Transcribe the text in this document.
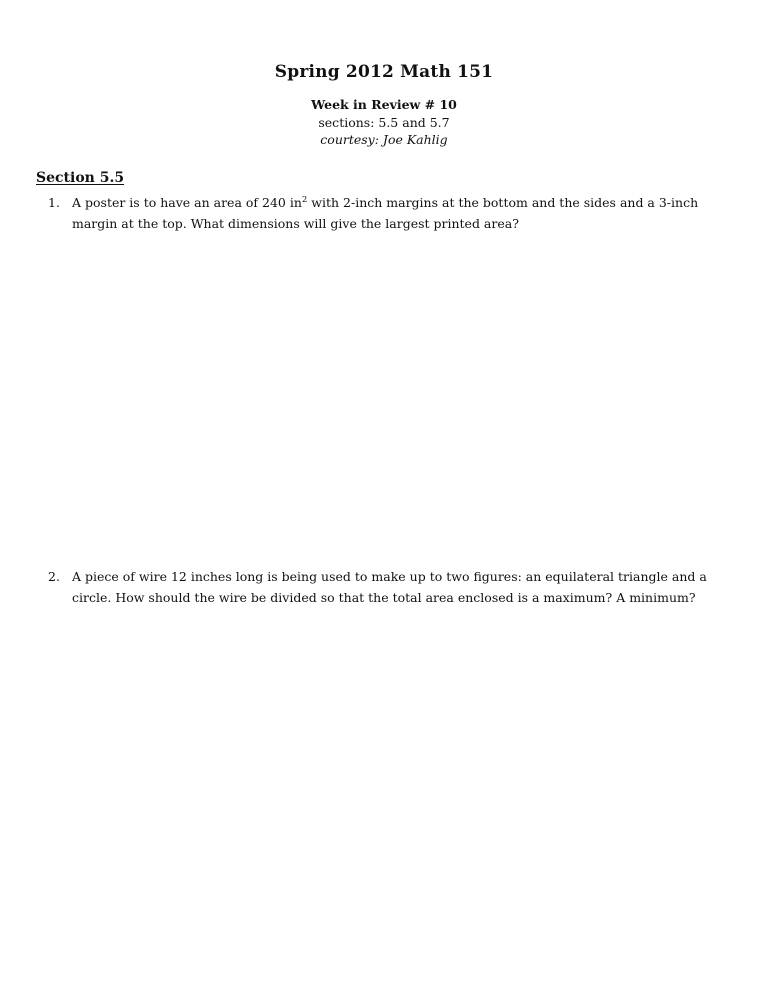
Spring 2012 Math 151
Week in Review # 10
sections: 5.5 and 5.7
courtesy: Joe Kahlig
Section 5.5
1. A poster is to have an area of 240 $in^2$ with 2-inch margins at the bottom and the sides and a 3-inch margin at the top. What dimensions will give the largest printed area?
2. A piece of wire 12 inches long is being used to make up to two figures: an equilateral triangle and a circle. How should the wire be divided so that the total area enclosed is a maximum? A minimum?
